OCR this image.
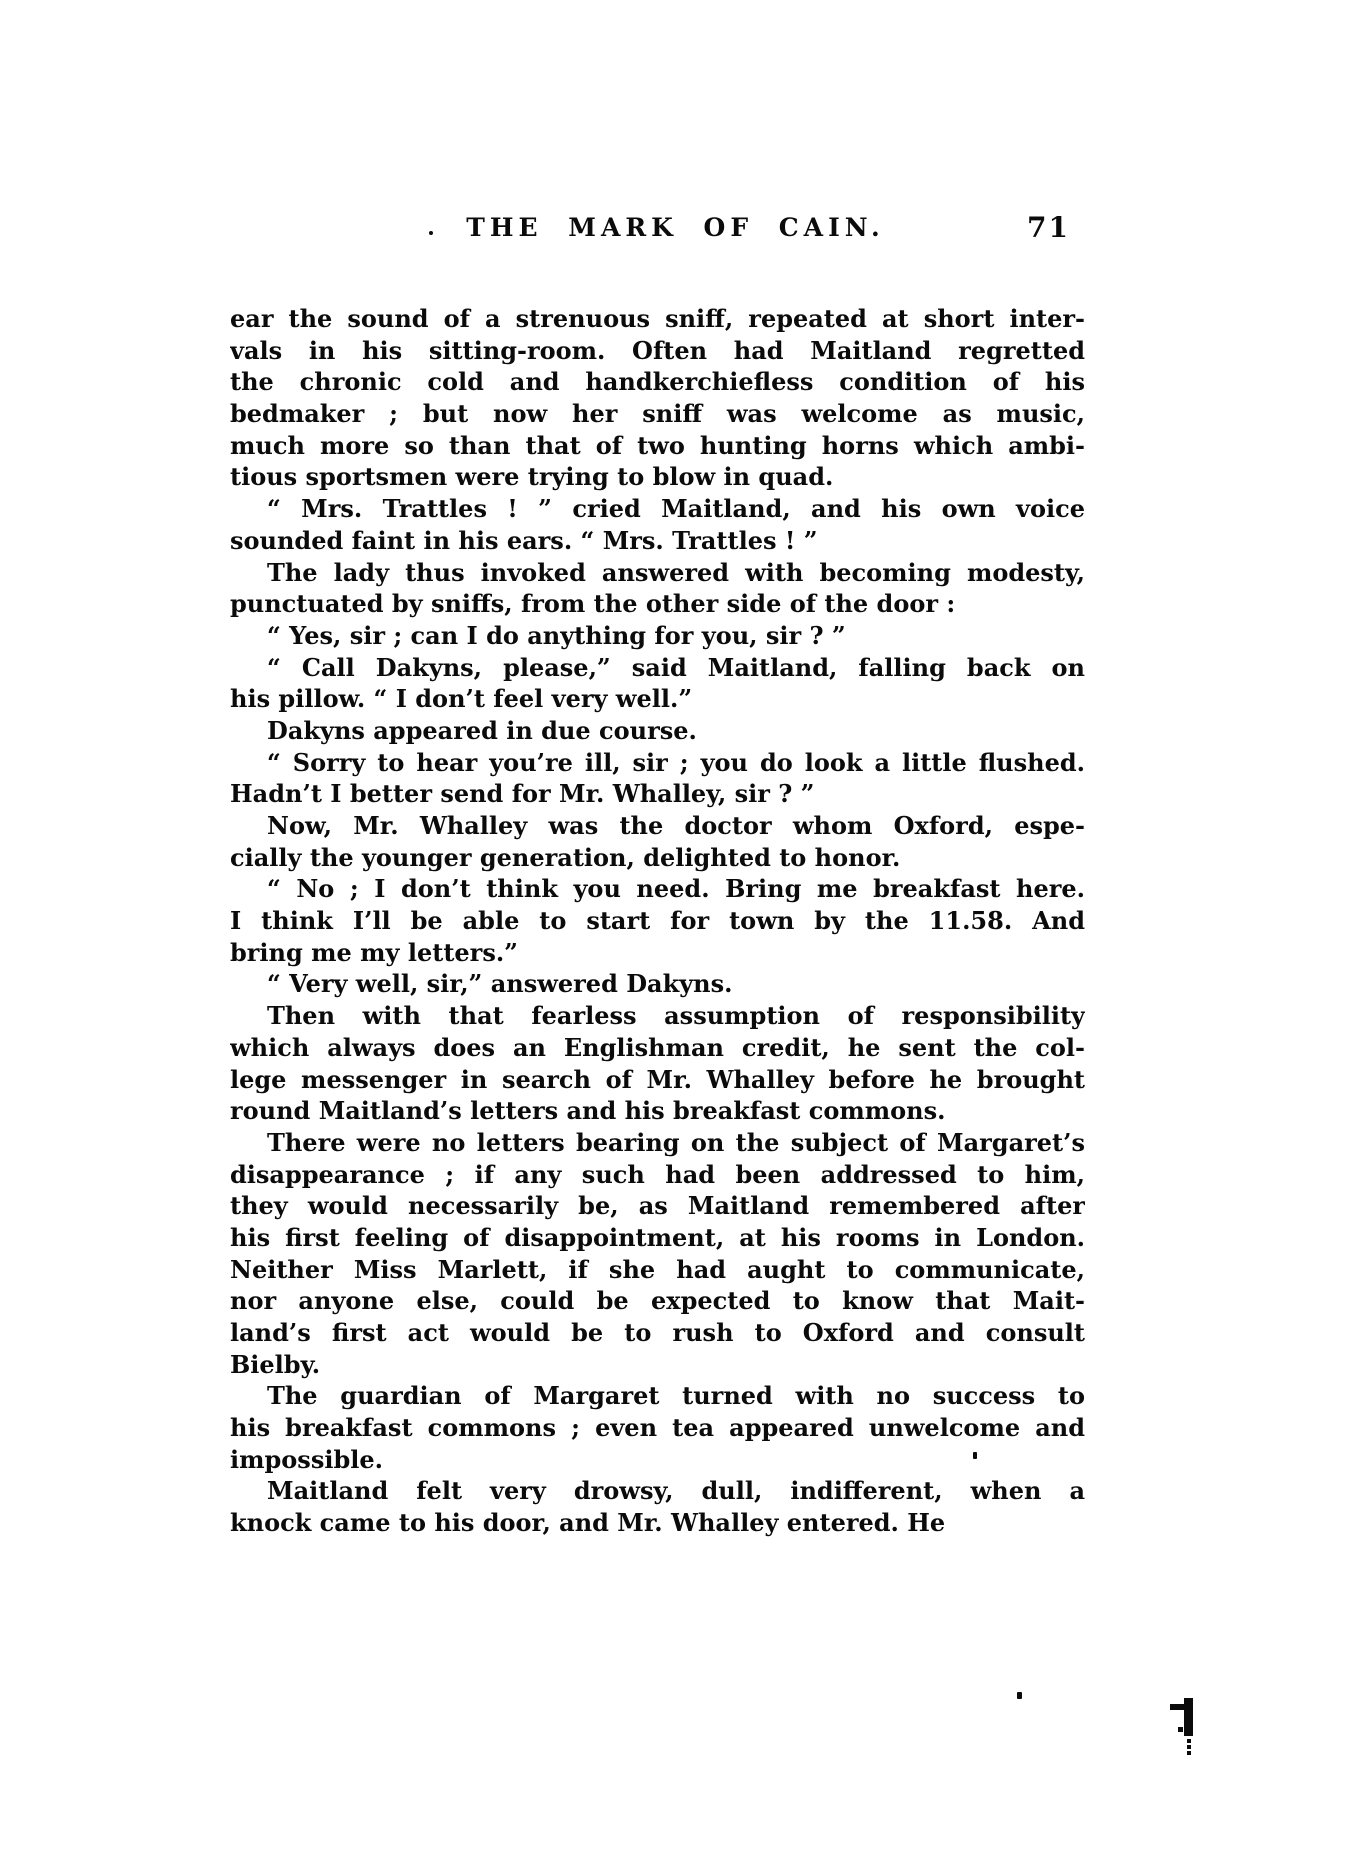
THE MARK OF CAIN.	71
ear the sound of a strenuous sniff, repeated at short inter-
vals in his sitting-room. Often had Maitland regretted
the chronic cold and handkerchiefless condition of his
bedmaker ; but now her sniff was welcome as music,
much more so than that of two hunting horns which ambi-
tious sportsmen were trying to blow in quad.
“ Mrs. Trattles ! ” cried Maitland, and his own voice
sounded faint in his ears. “ Mrs. Trattles ! ”
The lady thus invoked answered with becoming modesty,
punctuated by sniffs, from the other side of the door :
“ Yes, sir ; can I do anything for you, sir ? ”
“ Call Dakyns, please,” said Maitland, falling back on
his pillow. “ I don’t feel very well.”
Dakyns appeared in due course.
“ Sorry to hear you’re ill, sir ; you do look a little flushed.
Hadn’t I better send for Mr. Whalley, sir ? ”
Now, Mr. Whalley was the doctor whom Oxford, espe-
cially the younger generation, delighted to honor.
“ No ; I don’t think you need. Bring me breakfast here.
I think I’ll be able to start for town by the 11.58. And
bring me my letters.”
“ Very well, sir,” answered Dakyns.
Then with that fearless assumption of responsibility
which always does an Englishman credit, he sent the col-
lege messenger in search of Mr. Whalley before he brought
round Maitland’s letters and his breakfast commons.
There were no letters bearing on the subject of Margaret’s
disappearance ; if any such had been addressed to him,
they would necessarily be, as Maitland remembered after
his first feeling of disappointment, at his rooms in London.
Neither Miss Marlett, if she had aught to communicate,
nor anyone else, could be expected to know that Mait-
land’s first act would be to rush to Oxford and consult
Bielby.
The guardian of Margaret turned with no success to
his breakfast commons ; even tea appeared unwelcome and
impossible.
Maitland felt very drowsy, dull, indifferent, when a
knock came to his door, and Mr. Whalley entered. He
